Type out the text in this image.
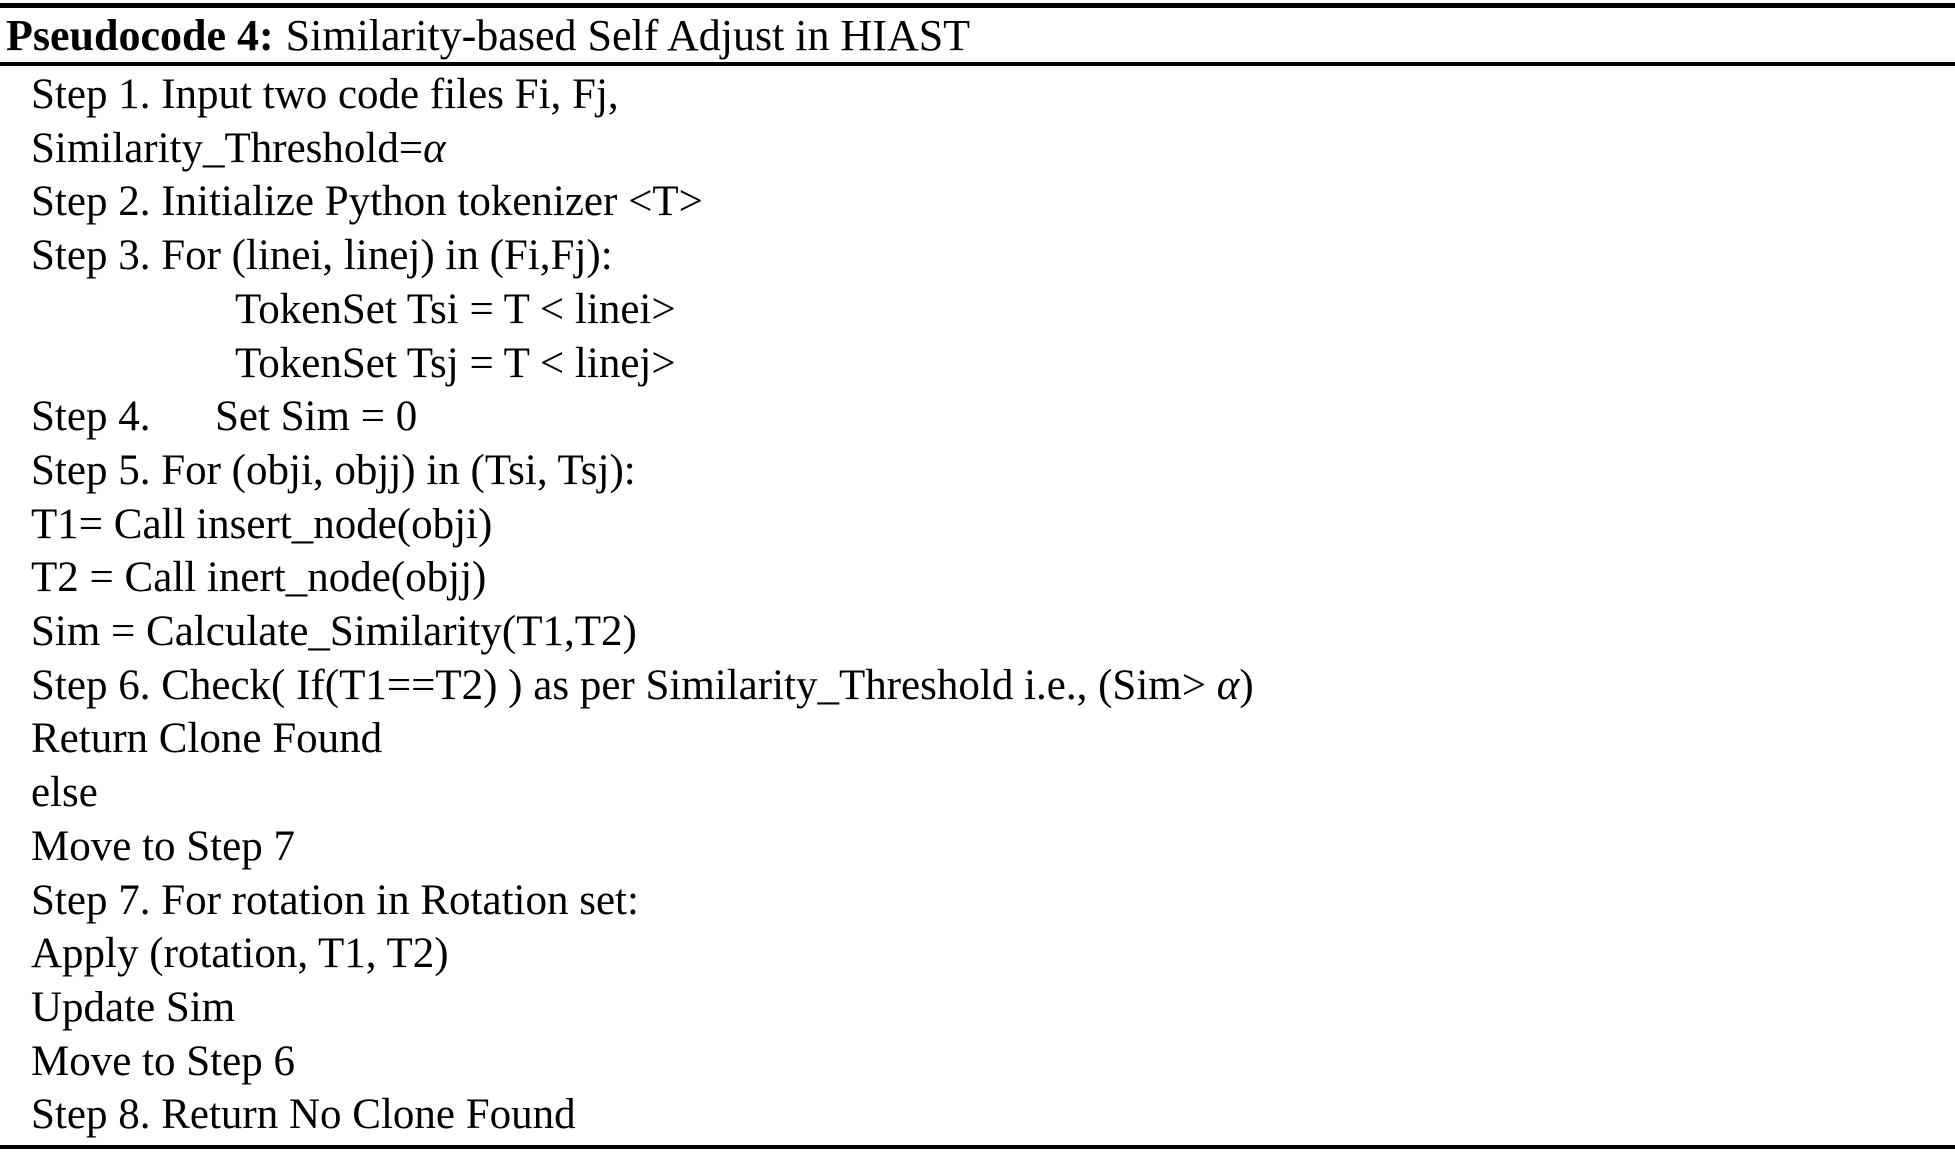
Pseudocode 4: Similarity-based Self Adjust in HIAST
Step 1. Input two code files Fi, Fj,
Similarity_Threshold=α
Step 2. Initialize Python tokenizer <T>
Step 3. For (linei, linej) in (Fi,Fj):
TokenSet Tsi = T < linei>
TokenSet Tsj = T < linej>
Step 4.      Set Sim = 0
Step 5. For (obji, objj) in (Tsi, Tsj):
T1= Call insert_node(obji)
T2 = Call inert_node(objj)
Sim = Calculate_Similarity(T1,T2)
Step 6. Check( If(T1==T2) ) as per Similarity_Threshold i.e., (Sim> α)
Return Clone Found
else
Move to Step 7
Step 7. For rotation in Rotation set:
Apply (rotation, T1, T2)
Update Sim
Move to Step 6
Step 8. Return No Clone Found
